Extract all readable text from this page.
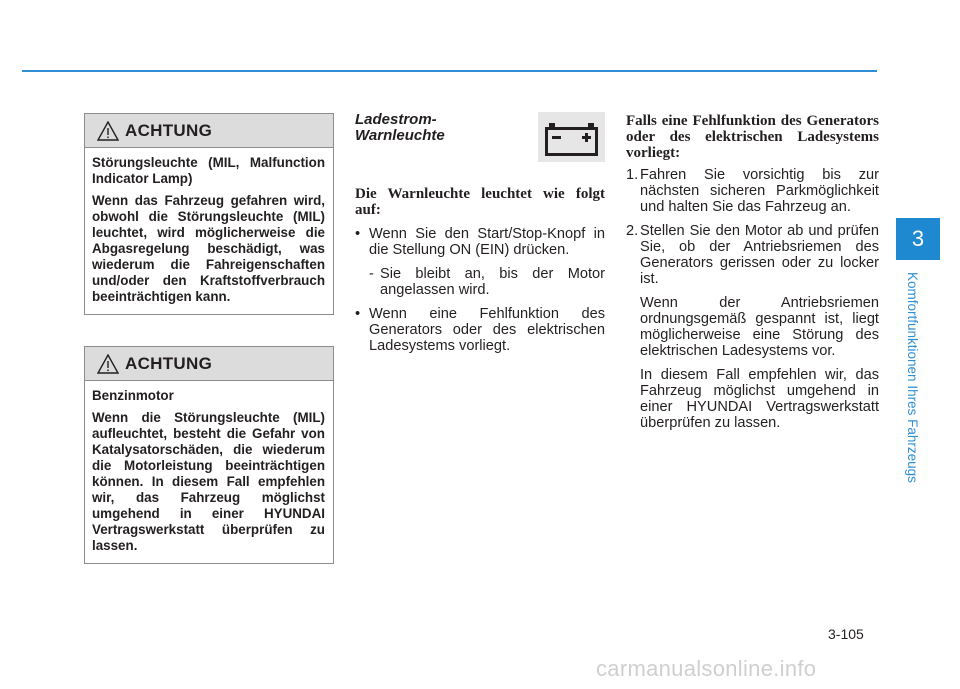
ACHTUNG

Störungsleuchte (MIL, Malfunction Indicator Lamp)

Wenn das Fahrzeug gefahren wird, obwohl die Störungsleuchte (MIL) leuchtet, wird möglicherweise die Abgasregelung beschädigt, was wiederum die Fahreigenschaften und/oder den Kraftstoffverbrauch beeinträchtigen kann.

ACHTUNG

Benzinmotor

Wenn die Störungsleuchte (MIL) aufleuchtet, besteht die Gefahr von Katalysatorschäden, die wiederum die Motorleistung beeinträchtigen können. In diesem Fall empfehlen wir, das Fahrzeug möglichst umgehend in einer HYUNDAI Vertragswerkstatt überprüfen zu lassen.

Ladestrom-
Warnleuchte
Die Warnleuchte leuchtet wie folgt auf:
• Wenn Sie den Start/Stop-Knopf in die Stellung ON (EIN) drücken.
- Sie bleibt an, bis der Motor angelassen wird.
• Wenn eine Fehlfunktion des Generators oder des elektrischen Ladesystems vorliegt.
Falls eine Fehlfunktion des Generators oder des elektrischen Ladesystems vorliegt:
1. Fahren Sie vorsichtig bis zur nächsten sicheren Parkmöglichkeit und halten Sie das Fahrzeug an.
2. Stellen Sie den Motor ab und prüfen Sie, ob der Antriebsriemen des Generators gerissen oder zu locker ist.

Wenn der Antriebsriemen ordnungsgemäß gespannt ist, liegt möglicherweise eine Störung des elektrischen Ladesystems vor.

In diesem Fall empfehlen wir, das Fahrzeug möglichst umgehend in einer HYUNDAI Vertragswerkstatt überprüfen zu lassen.

3
Komfortfunktionen Ihres Fahrzeugs
3-105
carmanualsonline.info
